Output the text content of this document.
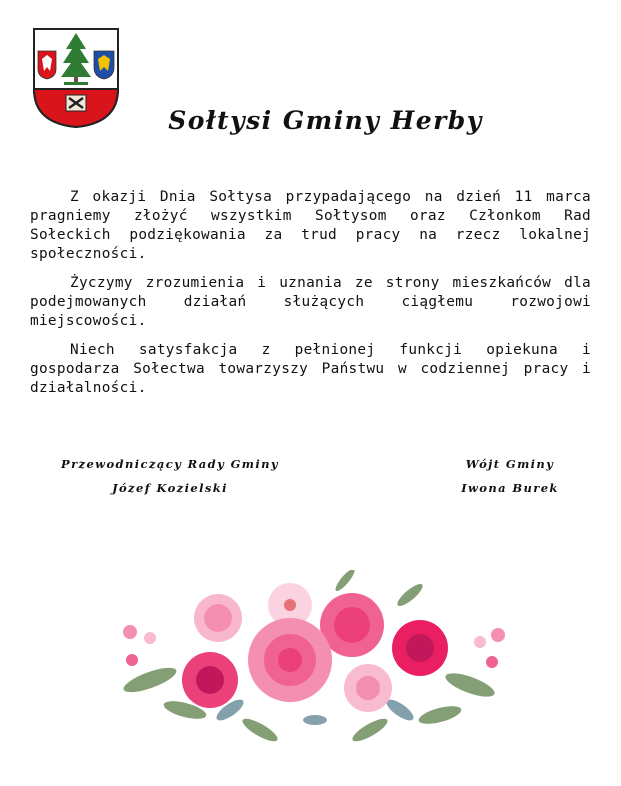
Sołtysi Gminy Herby

Z okazji Dnia Sołtysa przypadającego na dzień 11 marca pragniemy złożyć wszystkim Sołtysom oraz Członkom Rad Sołeckich podziękowania za trud pracy na rzecz lokalnej społeczności.

Życzymy zrozumienia i uznania ze strony mieszkańców dla podejmowanych działań służących ciągłemu rozwojowi miejscowości.

Niech satysfakcja z pełnionej funkcji opiekuna i gospodarza Sołectwa towarzyszy Państwu w codziennej pracy i działalności.

Przewodniczący Rady Gminy
Józef Kozielski
Wójt Gminy
Iwona Burek
